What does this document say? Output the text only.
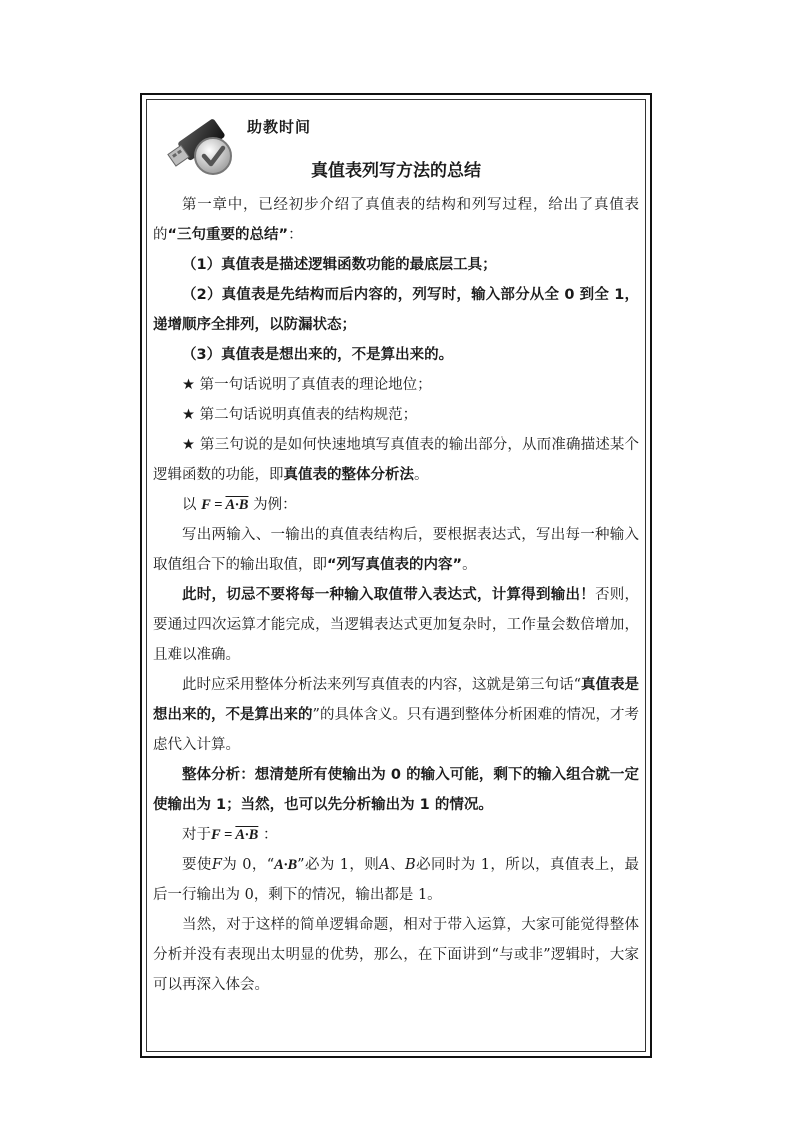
助教时间
真值表列写方法的总结

第一章中，已经初步介绍了真值表的结构和列写过程，给出了真值表的“三句重要的总结”：

（1）真值表是描述逻辑函数功能的最底层工具；

（2）真值表是先结构而后内容的，列写时，输入部分从全 0 到全 1，递增顺序全排列，以防漏状态；

（3）真值表是想出来的，不是算出来的。

★ 第一句话说明了真值表的理论地位；

★ 第二句话说明真值表的结构规范；

★ 第三句说的是如何快速地填写真值表的输出部分，从而准确描述某个逻辑函数的功能，即真值表的整体分析法。

以 F = A·B 为例：

写出两输入、一输出的真值表结构后，要根据表达式，写出每一种输入取值组合下的输出取值，即“列写真值表的内容”。

此时，切忌不要将每一种输入取值带入表达式，计算得到输出！否则，要通过四次运算才能完成，当逻辑表达式更加复杂时，工作量会数倍增加，且难以准确。

此时应采用整体分析法来列写真值表的内容，这就是第三句话“真值表是想出来的，不是算出来的”的具体含义。只有遇到整体分析困难的情况，才考虑代入计算。

整体分析：想清楚所有使输出为 0 的输入可能，剩下的输入组合就一定使输出为 1；当然，也可以先分析输出为 1 的情况。

对于F = A·B ：

要使F为 0，“A·B”必为 1，则A、B必同时为 1，所以，真值表上，最后一行输出为 0，剩下的情况，输出都是 1。

当然，对于这样的简单逻辑命题，相对于带入运算，大家可能觉得整体分析并没有表现出太明显的优势，那么，在下面讲到“与或非”逻辑时，大家可以再深入体会。
